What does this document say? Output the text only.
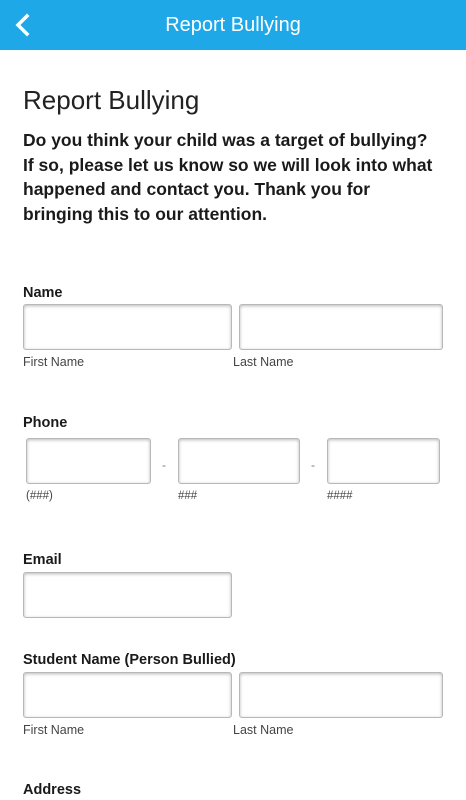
Report Bullying
Report Bullying
Do you think your child was a target of bullying? If so, please let us know so we will look into what happened and contact you. Thank you for bringing this to our attention.
Name
First Name	Last Name
Phone
-	-
(###)	###	####
Email
Student Name (Person Bullied)
First Name	Last Name
Address
